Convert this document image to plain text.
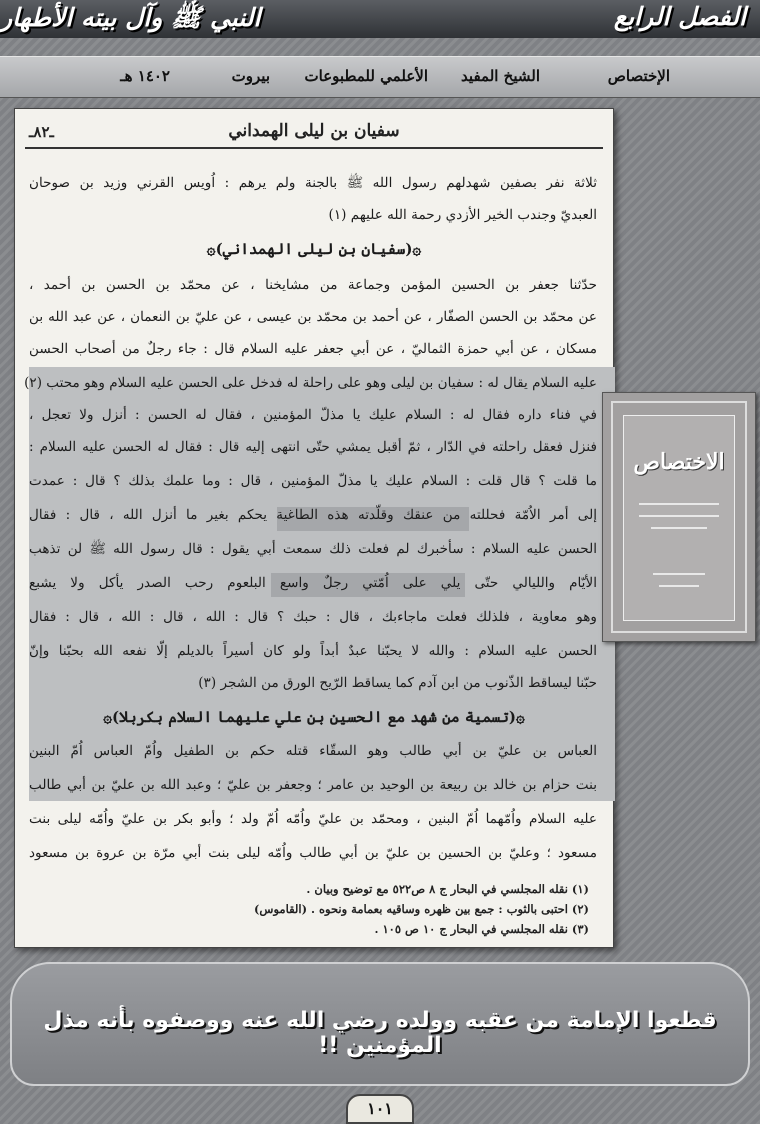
الفصل الرابع
النبي ﷺ وآل بيته الأطهار
الإختصاص
الشيخ المفيد
الأعلمي للمطبوعات
بيروت
١٤٠٢ هـ
ـ٨٢ـ	سفيان بن ليلى الهمداني
ثلاثة نفر بصفين شهدلهم رسول الله ﷺ بالجنة ولم يرهم : اُويس القرني وزيد بن صوحان
العبديّ وجندب الخير الأزدي رحمة الله عليهم (١)
۞(سفيان بن ليلى الهمداني)۞
حدّثنا جعفر بن الحسين المؤمن وجماعة من مشايخنا ، عن محمّد بن الحسن بن أحمد ،
عن محمّد بن الحسن الصفّار ، عن أحمد بن محمّد بن عيسى ، عن عليّ بن النعمان ، عن عبد الله بن
مسكان ، عن أبي حمزة الثماليّ ، عن أبي جعفر عليه السلام قال : جاء رجلٌ من أصحاب الحسن
عليه السلام يقال له : سفيان بن ليلى وهو على راحلة له فدخل على الحسن عليه السلام وهو محتب (٢)
في فناء داره فقال له : السلام عليك يا مذلّ المؤمنين ، فقال له الحسن : أنزل ولا تعجل ،
فنزل فعقل راحلته في الدّار ، ثمّ أقبل يمشي حتّى انتهى إليه قال : فقال له الحسن عليه السلام :
ما قلت ؟ قال قلت : السلام عليك يا مذلّ المؤمنين ، قال : وما علمك بذلك ؟ قال : عمدت
إلى أمر الاُمّة فحللته من عنقك وقلّدته هذه الطاغية يحكم بغير ما أنزل الله ، قال : فقال
الحسن عليه السلام : سأخبرك لم فعلت ذلك سمعت أبي يقول : قال رسول الله ﷺ لن تذهب
الأيّام والليالي حتّى يلي على اُمّتي رجلٌ واسع البلعوم رحب الصدر يأكل ولا يشبع
وهو معاوية ، فلذلك فعلت ماجاءبك ، قال : حبك ؟ قال : الله ، قال : الله ، قال : فقال
الحسن عليه السلام : والله لا يحبّنا عبدٌ أبداً ولو كان أسيراً بالديلم إلّا نفعه الله بحبّنا وإنّ
حبّنا ليساقط الذّنوب من ابن آدم كما يساقط الرّيح الورق من الشجر (٣)
۞(تسمية من شهد مع الحسين بن علي عليهما السلام بكربلا)۞
العباس بن عليّ بن أبي طالب وهو السقّاء قتله حكم بن الطفيل واُمّ العباس اُمّ البنين
بنت حزام بن خالد بن ربيعة بن الوحيد بن عامر ؛ وجعفر بن عليّ ؛ وعبد الله بن عليّ بن أبي طالب
عليه السلام واُمّهما اُمّ البنين ، ومحمّد بن عليّ واُمّه اُمّ ولد ؛ وأبو بكر بن عليّ واُمّه ليلى بنت
مسعود ؛ وعليّ بن الحسين بن عليّ بن أبي طالب واُمّه ليلى بنت أبي مرّة بن عروة بن مسعود
(١) نقله المجلسي في البحار ج ٨ ص٥٢٢ مع توضيح وبيان .
(٢) احتبى بالثوب : جمع بين ظهره وساقيه بعمامة ونحوه . (القاموس)
(٣) نقله المجلسي في البحار ج ١٠ ص ١٠٥ .
الاختصاص
قطعوا الإمامة من عقبه وولده رضي الله عنه ووصفوه بأنه مذل المؤمنين !!
١٠١
